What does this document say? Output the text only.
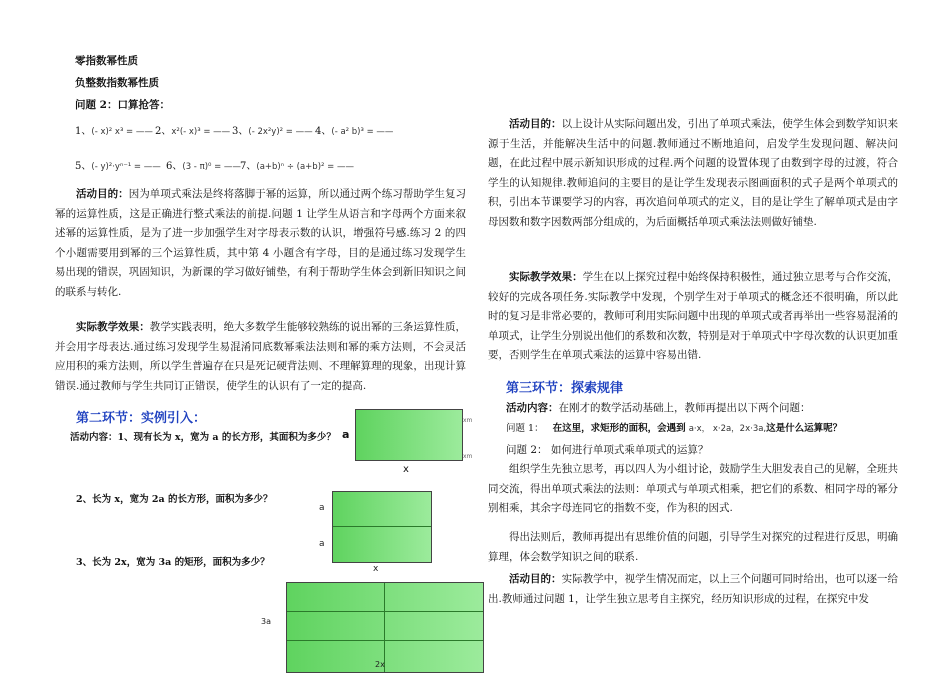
零指数幂性质
负整数指数幂性质
问题 2：口算抢答：
1、(- x)² x³ = —— 2、x²(- x)³ = —— 3、(- 2x²y)² = —— 4、(- a² b)³ = ——
5、(- y)²·yⁿ⁻¹ = —— 6、(3 - π)⁰ = —— 7、(a+b)ⁿ ÷ (a+b)² = ——
活动目的：因为单项式乘法是终将落脚于幂的运算，所以通过两个练习帮助学生复习幂的运算性质，这是正确进行整式乘法的前提.问题 1 让学生从语言和字母两个方面来叙述幂的运算性质，是为了进一步加强学生对字母表示数的认识，增强符号感.练习 2 的四个小题需要用到幂的三个运算性质，其中第 4 小题含有字母，目的是通过练习发现学生易出现的错误，巩固知识，为新课的学习做好铺垫，有利于帮助学生体会到新旧知识之间的联系与转化.
实际教学效果：教学实践表明，绝大多数学生能够较熟练的说出幂的三条运算性质，并会用字母表达.通过练习发现学生易混淆同底数幂乘法法则和幂的乘方法则，不会灵活应用积的乘方法则，所以学生普遍存在只是死记硬背法则、不理解算理的现象，出现计算错误.通过教师与学生共同订正错误，使学生的认识有了一定的提高.
第二环节：实例引入：
活动内容：1、现有长为 x，宽为 a 的长方形，其面积为多少？
2、长为 x，宽为 2a 的长方形，面积为多少？
3、长为 2x，宽为 3a 的矩形，面积为多少？
a
x
xm
xm
a
a
x
3a
2x
活动目的：以上设计从实际问题出发，引出了单项式乘法，使学生体会到数学知识来源于生活，并能解决生活中的问题.教师通过不断地追问，启发学生发现问题、解决问题，在此过程中展示新知识形成的过程.两个问题的设置体现了由数到字母的过渡，符合学生的认知规律.教师追问的主要目的是让学生发现表示图画面积的式子是两个单项式的积，引出本节课要学习的内容，再次追问单项式的定义，目的是让学生了解单项式是由字母因数和数字因数两部分组成的，为后面概括单项式乘法法则做好铺垫.
实际教学效果：学生在以上探究过程中始终保持积极性，通过独立思考与合作交流，较好的完成各项任务.实际教学中发现，个别学生对于单项式的概念还不很明确，所以此时的复习是非常必要的，教师可利用实际问题中出现的单项式或者再举出一些容易混淆的单项式，让学生分别说出他们的系数和次数，特别是对于单项式中字母次数的认识更加重要，否则学生在单项式乘法的运算中容易出错.
第三环节：探索规律
活动内容：在刚才的数学活动基础上，教师再提出以下两个问题：
问题 1： 在这里，求矩形的面积，会遇到 a·x， x·2a，2x·3a,这是什么运算呢？
问题 2： 如何进行单项式乘单项式的运算？
组织学生先独立思考，再以四人为小组讨论，鼓励学生大胆发表自己的见解，全班共同交流，得出单项式乘法的法则：单项式与单项式相乘，把它们的系数、相同字母的幂分别相乘，其余字母连同它的指数不变，作为积的因式.
得出法则后，教师再提出有思维价值的问题，引导学生对探究的过程进行反思，明确算理，体会数学知识之间的联系.
活动目的：实际教学中，视学生情况而定，以上三个问题可同时给出，也可以逐一给出.教师通过问题 1，让学生独立思考自主探究，经历知识形成的过程，在探究中发
